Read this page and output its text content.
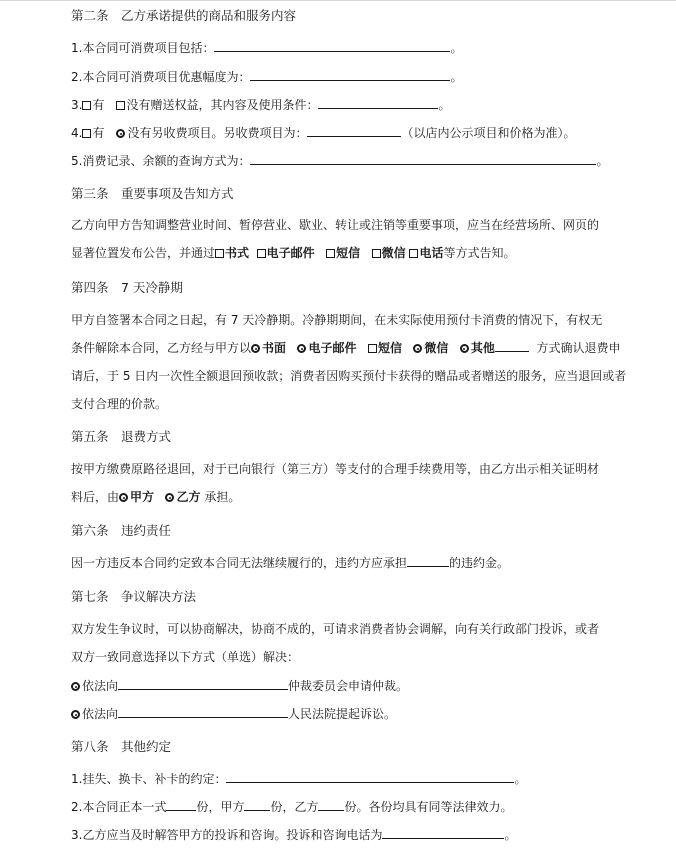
第二条　乙方承诺提供的商品和服务内容
1.本合同可消费项目包括：	。
2.本合同可消费项目优惠幅度为：	。
3. 有　没有赠送权益，其内容及使用条件：	。
4. 有　没有另收费项目。另收费项目为：	（以店内公示项目和价格为准）。
5.消费记录、余额的查询方式为：	。
第三条　重要事项及告知方式
乙方向甲方告知调整营业时间、暂停营业、歇业、转让或注销等重要事项，应当在经营场所、网页的
显著位置发布公告，并通过 书式 电子邮件 短信 微信 电话等方式告知。
第四条　7 天冷静期
甲方自签署本合同之日起，有 7 天冷静期。冷静期期间，在未实际使用预付卡消费的情况下，有权无
条件解除本合同，乙方经与甲方以 书面 电子邮件 短信 微信 其他	方式确认退费申
请后，于 5 日内一次性全额退回预收款；消费者因购买预付卡获得的赠品或者赠送的服务，应当退回或者
支付合理的价款。
第五条　退费方式
按甲方缴费原路径退回，对于已向银行（第三方）等支付的合理手续费用等，由乙方出示相关证明材
料后，由 甲方 乙方 承担。
第六条　违约责任
因一方违反本合同约定致本合同无法继续履行的，违约方应承担	的违约金。
第七条　争议解决方法
双方发生争议时，可以协商解决，协商不成的，可请求消费者协会调解，向有关行政部门投诉，或者
双方一致同意选择以下方式（单选）解决：
依法向	仲裁委员会申请仲裁。
依法向	人民法院提起诉讼。
第八条　其他约定
1.挂失、换卡、补卡的约定：	。
2.本合同正本一式	份，甲方 份，乙方 份。各份均具有同等法律效力。
3.乙方应当及时解答甲方的投诉和咨询。投诉和咨询电话为	。
